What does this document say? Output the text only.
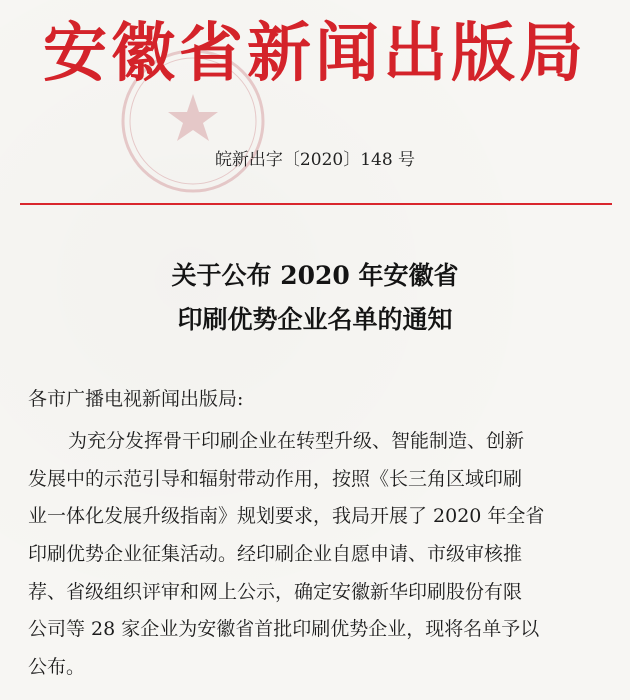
安徽省新闻出版局
皖新出字〔2020〕148 号
关于公布 2020 年安徽省
印刷优势企业名单的通知
各市广播电视新闻出版局:
为充分发挥骨干印刷企业在转型升级、智能制造、创新
发展中的示范引导和辐射带动作用，按照《长三角区域印刷
业一体化发展升级指南》规划要求，我局开展了 2020 年全省
印刷优势企业征集活动。经印刷企业自愿申请、市级审核推
荐、省级组织评审和网上公示，确定安徽新华印刷股份有限
公司等 28 家企业为安徽省首批印刷优势企业，现将名单予以
公布。
